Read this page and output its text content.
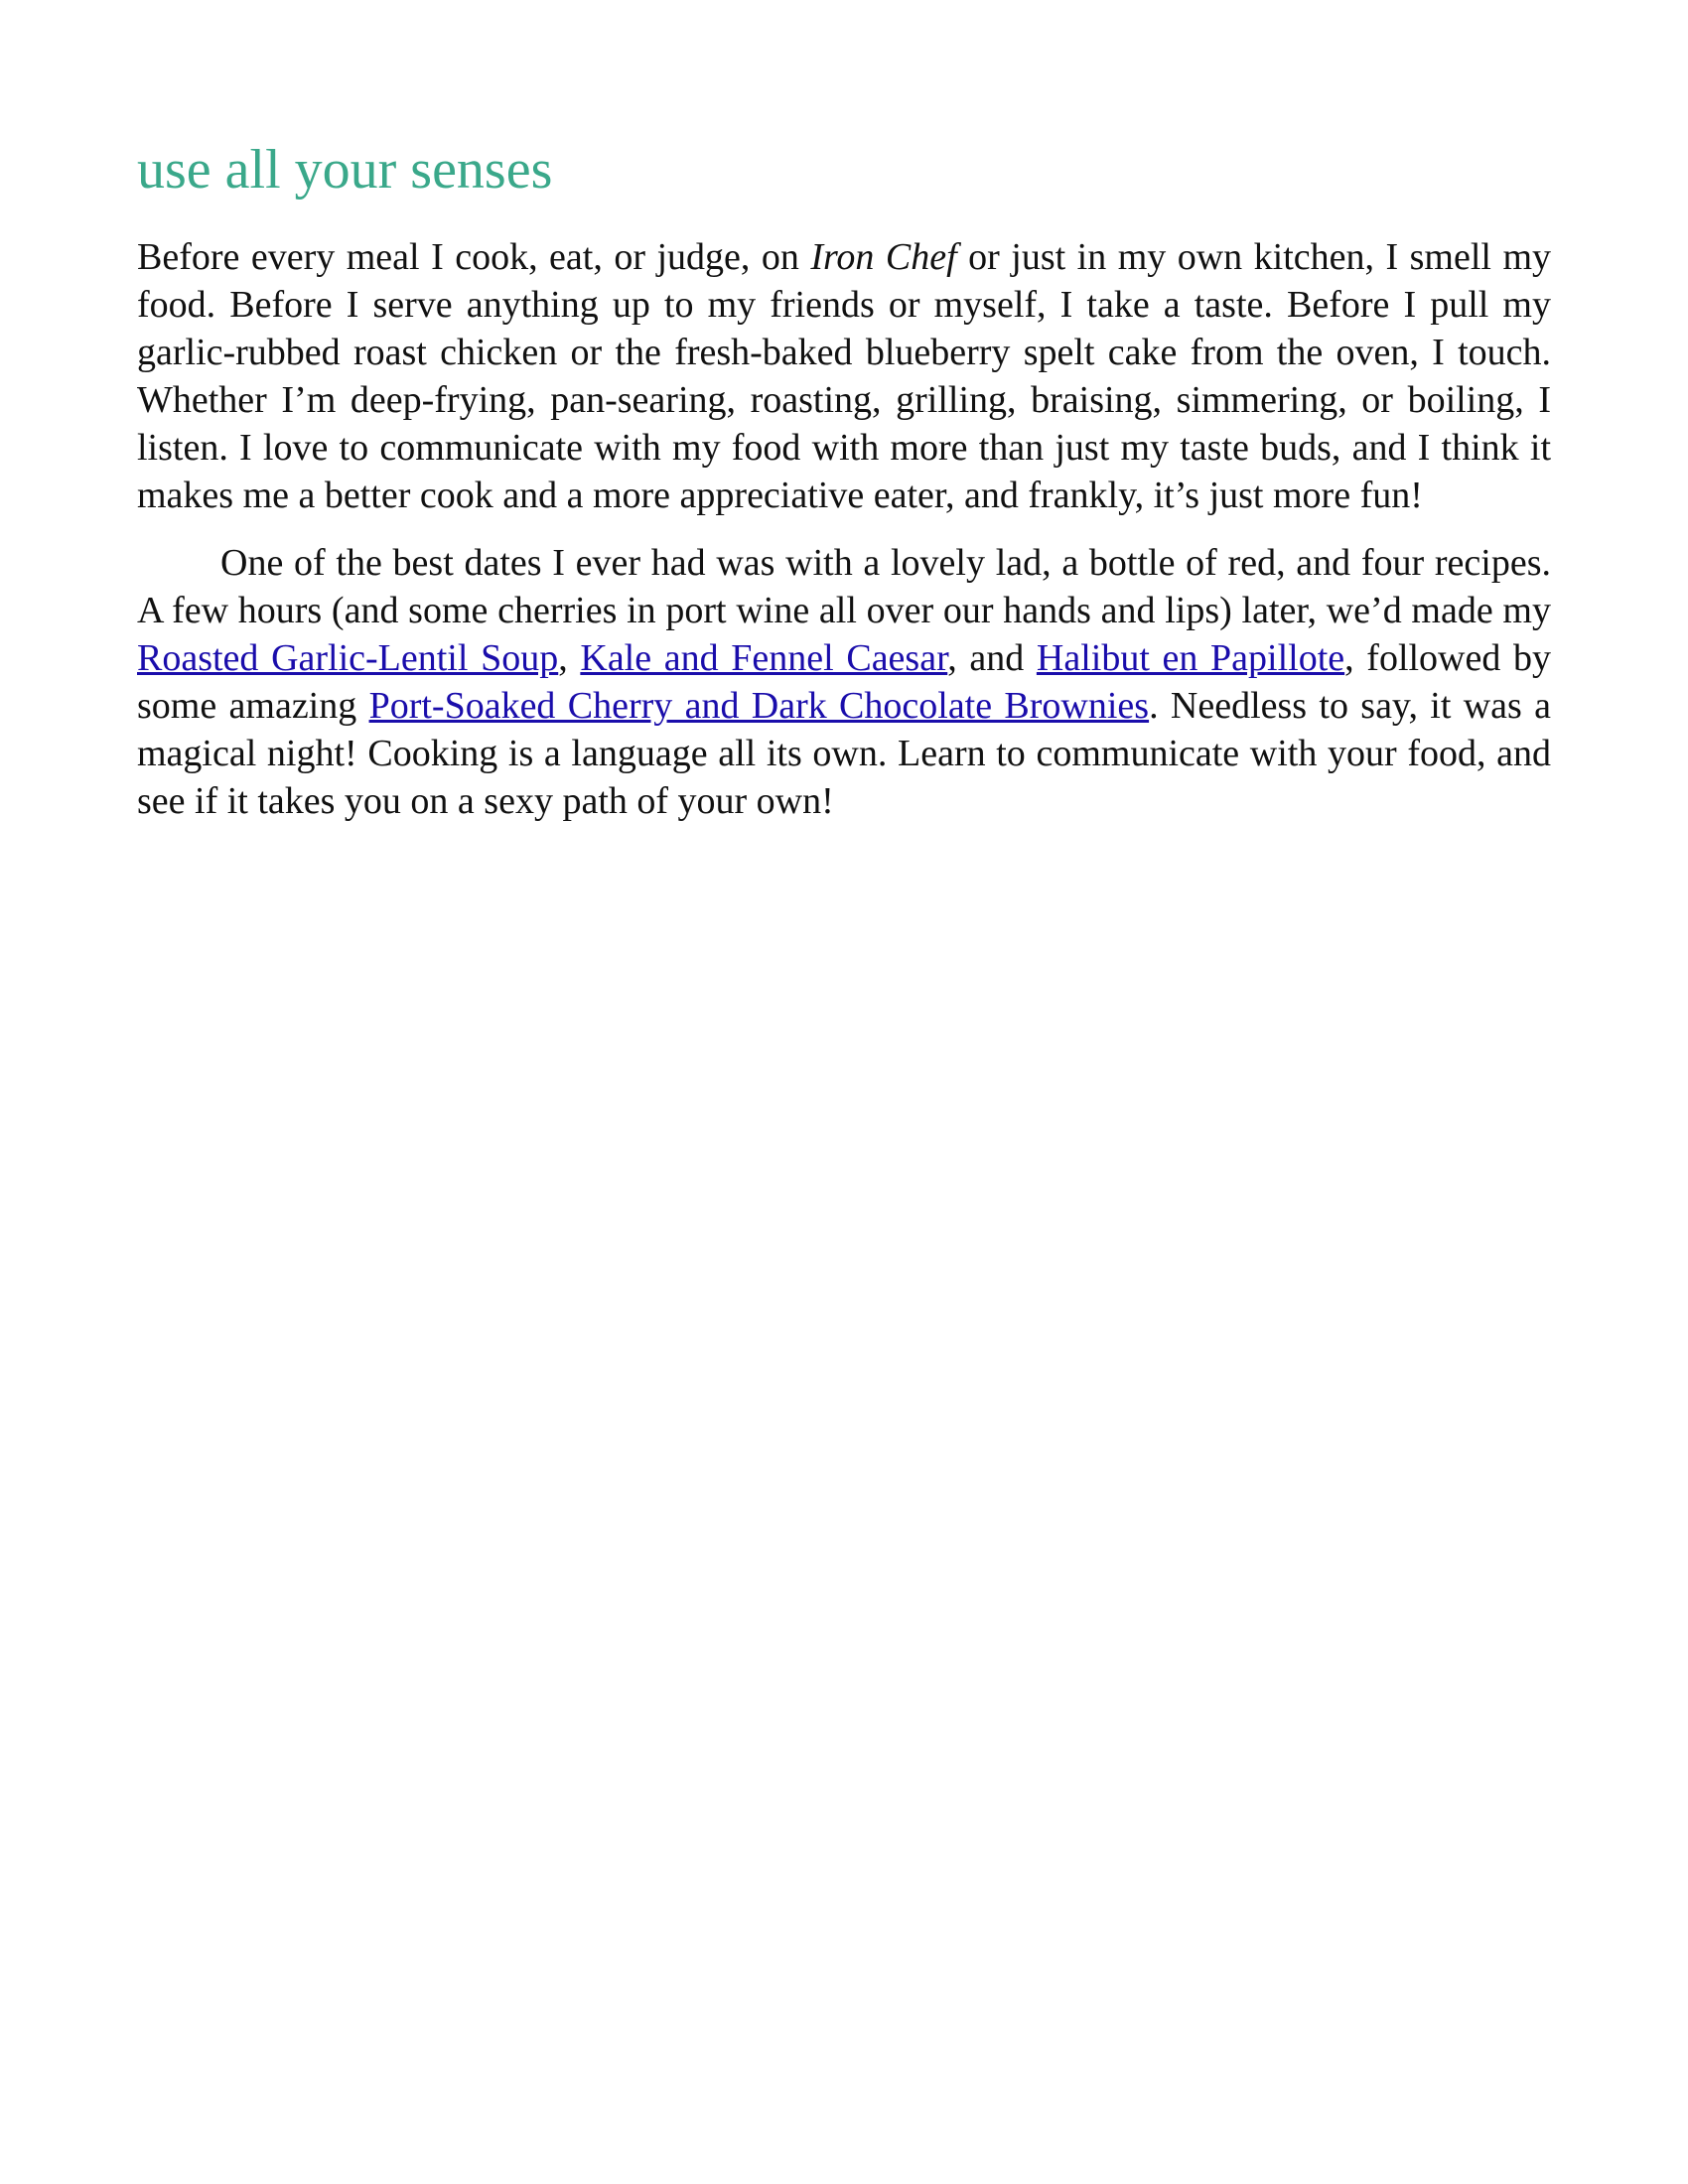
use all your senses

Before every meal I cook, eat, or judge, on Iron Chef or just in my own kitchen, I smell my food. Before I serve anything up to my friends or myself, I take a taste. Before I pull my garlic-rubbed roast chicken or the fresh-baked blueberry spelt cake from the oven, I touch. Whether I’m deep-frying, pan-searing, roasting, grilling, braising, simmering, or boiling, I listen. I love to communicate with my food with more than just my taste buds, and I think it makes me a better cook and a more appreciative eater, and frankly, it’s just more fun!

One of the best dates I ever had was with a lovely lad, a bottle of red, and four recipes. A few hours (and some cherries in port wine all over our hands and lips) later, we’d made my Roasted Garlic-Lentil Soup, Kale and Fennel Caesar, and Halibut en Papillote, followed by some amazing Port-Soaked Cherry and Dark Chocolate Brownies. Needless to say, it was a magical night! Cooking is a language all its own. Learn to communicate with your food, and see if it takes you on a sexy path of your own!
